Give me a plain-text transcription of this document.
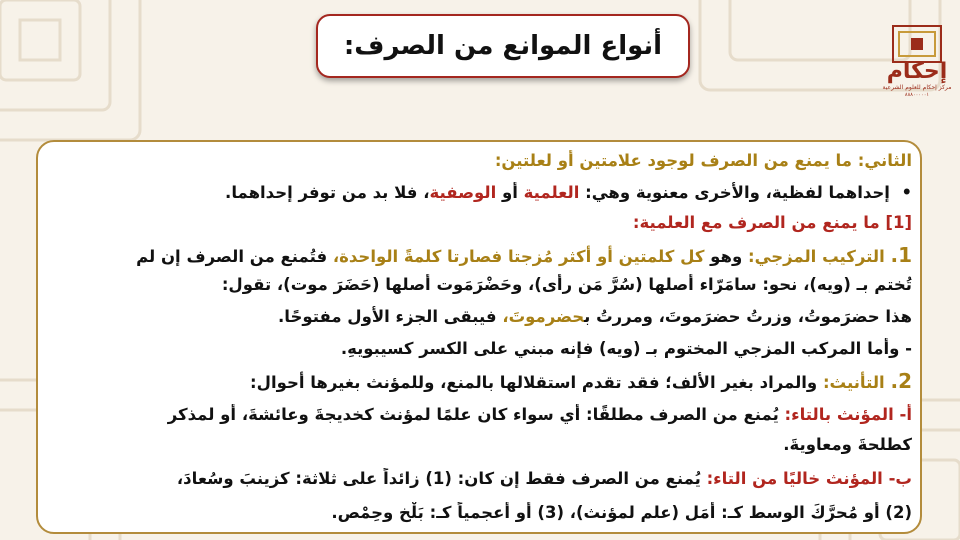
إحكام
مركز إحكام للعلوم الشرعية
٨٨٨٠٠٠٠٠١
أنواع الموانع من الصرف:
الثاني: ما يمنع من الصرف لوجود علامتين أو لعلتين:
•  إحداهما لفظية، والأخرى معنوية وهي: العلمية أو الوصفية، فلا بد من توفر إحداهما.
[1] ما يمنع من الصرف مع العلمية:
1. التركيب المزجي: وهو كل كلمتين أو أكثر مُزجتا فصارتا كلمةً الواحدة، فتُمنع من الصرف إن لم
تُختم بـ (ويه)، نحو: سامَرّاء أصلها (سُرَّ مَن رأى)، وحَضْرَمَوت أصلها (حَضَرَ موت)، تقول:
هذا حضرَموتُ، وزرتُ حضرَموتَ، ومررتُ بحضرموتَ، فيبقى الجزء الأول مفتوحًا.
- وأما المركب المزجي المختوم بـ (ويه) فإنه مبني على الكسر كسيبويهِ.
2. التأنيث: والمراد بغير الألف؛ فقد تقدم استقلالها بالمنع، وللمؤنث بغيرها أحوال:
أ- المؤنث بالتاء: يُمنع من الصرف مطلقًا: أي سواء كان علمًا لمؤنث كخديجةَ وعائشةَ، أو لمذكر
كطلحةَ ومعاويةَ.
ب- المؤنث خاليًا من التاء: يُمنع من الصرف فقط إن كان: (1) زائداً على ثلاثة: كزينبَ وسُعادَ،
(2) أو مُحرَّكَ الوسط كـ: أَمَل (علم لمؤنث)، (3) أو أعجمياً كـ: بَلْخ وحِمْص.
